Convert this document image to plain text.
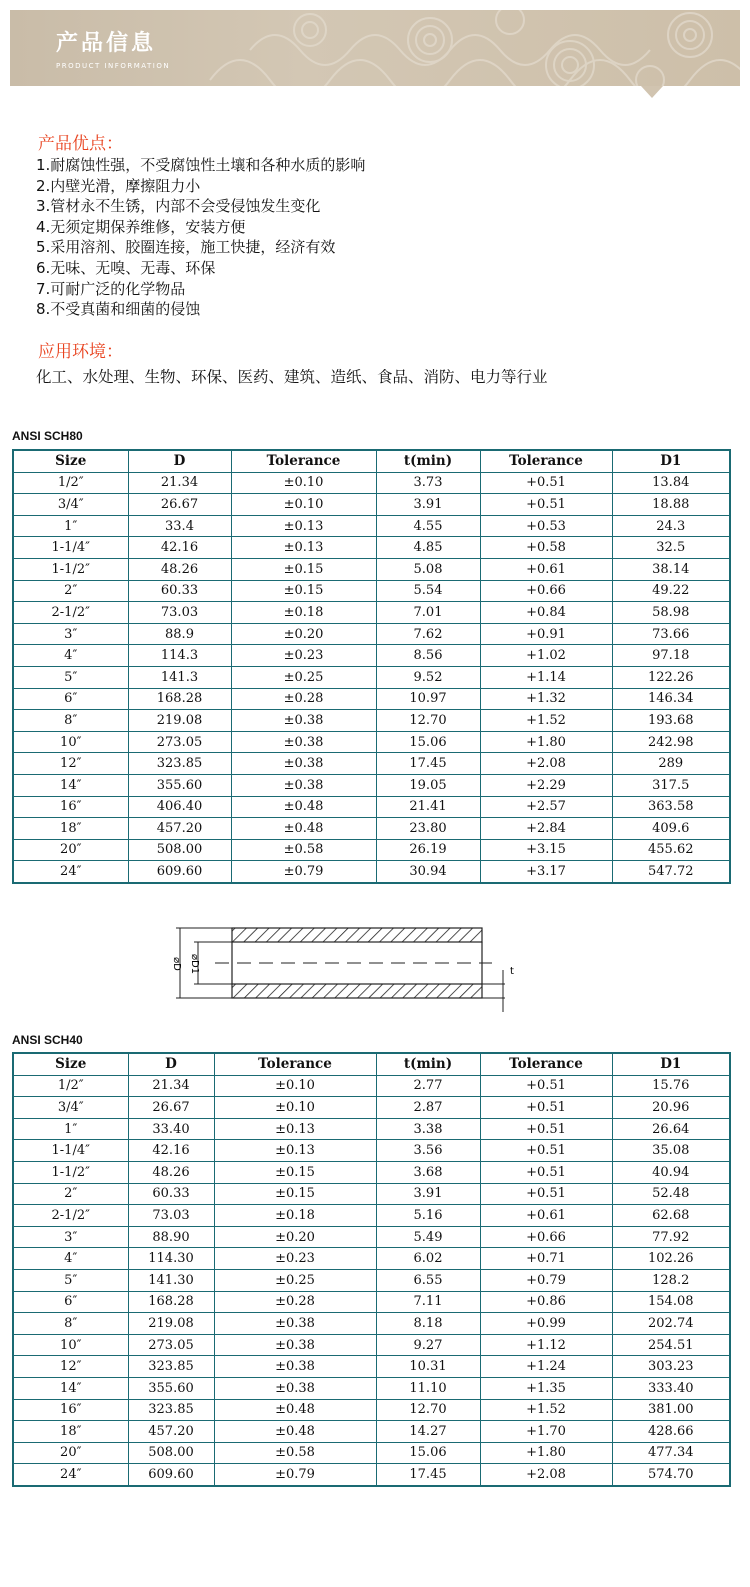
产品信息
PRODUCT INFORMATION
产品优点：
1.耐腐蚀性强，不受腐蚀性土壤和各种水质的影响
2.内壁光滑，摩擦阻力小
3.管材永不生锈，内部不会受侵蚀发生变化
4.无须定期保养维修，安装方便
5.采用溶剂、胶圈连接，施工快捷，经济有效
6.无味、无嗅、无毒、环保
7.可耐广泛的化学物品
8.不受真菌和细菌的侵蚀
应用环境：
化工、水处理、生物、环保、医药、建筑、造纸、食品、消防、电力等行业
ANSI SCH80
Size	D	Tolerance	t(min)	Tolerance	D1
1/2″	21.34	±0.10	3.73	+0.51	13.84
3/4″	26.67	±0.10	3.91	+0.51	18.88
1″	33.4	±0.13	4.55	+0.53	24.3
1-1/4″	42.16	±0.13	4.85	+0.58	32.5
1-1/2″	48.26	±0.15	5.08	+0.61	38.14
2″	60.33	±0.15	5.54	+0.66	49.22
2-1/2″	73.03	±0.18	7.01	+0.84	58.98
3″	88.9	±0.20	7.62	+0.91	73.66
4″	114.3	±0.23	8.56	+1.02	97.18
5″	141.3	±0.25	9.52	+1.14	122.26
6″	168.28	±0.28	10.97	+1.32	146.34
8″	219.08	±0.38	12.70	+1.52	193.68
10″	273.05	±0.38	15.06	+1.80	242.98
12″	323.85	±0.38	17.45	+2.08	289
14″	355.60	±0.38	19.05	+2.29	317.5
16″	406.40	±0.48	21.41	+2.57	363.58
18″	457.20	±0.48	23.80	+2.84	409.6
20″	508.00	±0.58	26.19	+3.15	455.62
24″	609.60	±0.79	30.94	+3.17	547.72
⌀D ⌀D1	t
ANSI SCH40
Size	D	Tolerance	t(min)	Tolerance	D1
1/2″	21.34	±0.10	2.77	+0.51	15.76
3/4″	26.67	±0.10	2.87	+0.51	20.96
1″	33.40	±0.13	3.38	+0.51	26.64
1-1/4″	42.16	±0.13	3.56	+0.51	35.08
1-1/2″	48.26	±0.15	3.68	+0.51	40.94
2″	60.33	±0.15	3.91	+0.51	52.48
2-1/2″	73.03	±0.18	5.16	+0.61	62.68
3″	88.90	±0.20	5.49	+0.66	77.92
4″	114.30	±0.23	6.02	+0.71	102.26
5″	141.30	±0.25	6.55	+0.79	128.2
6″	168.28	±0.28	7.11	+0.86	154.08
8″	219.08	±0.38	8.18	+0.99	202.74
10″	273.05	±0.38	9.27	+1.12	254.51
12″	323.85	±0.38	10.31	+1.24	303.23
14″	355.60	±0.38	11.10	+1.35	333.40
16″	323.85	±0.48	12.70	+1.52	381.00
18″	457.20	±0.48	14.27	+1.70	428.66
20″	508.00	±0.58	15.06	+1.80	477.34
24″	609.60	±0.79	17.45	+2.08	574.70
